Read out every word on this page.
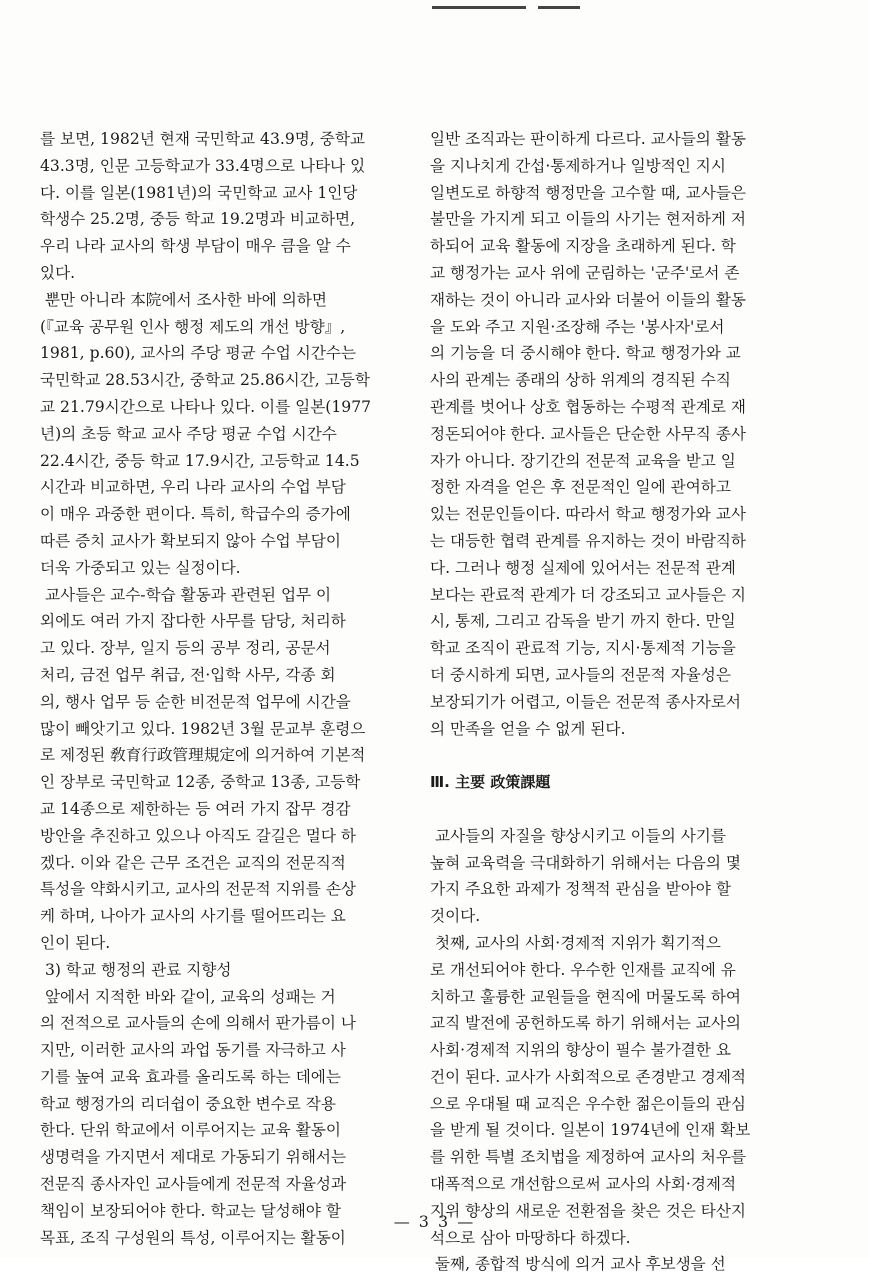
를 보면, 1982년 현재 국민학교 43.9명, 중학교
43.3명, 인문 고등학교가 33.4명으로 나타나 있
다. 이를 일본(1981년)의 국민학교 교사 1인당
학생수 25.2명, 중등 학교 19.2명과 비교하면,
우리 나라 교사의 학생 부담이 매우 큼을 알 수
있다.
뿐만 아니라 本院에서 조사한 바에 의하면
(『교육 공무원 인사 행정 제도의 개선 방향』,
1981, p.60), 교사의 주당 평균 수업 시간수는
국민학교 28.53시간, 중학교 25.86시간, 고등학
교 21.79시간으로 나타나 있다. 이를 일본(1977
년)의 초등 학교 교사 주당 평균 수업 시간수
22.4시간, 중등 학교 17.9시간, 고등학교 14.5
시간과 비교하면, 우리 나라 교사의 수업 부담
이 매우 과중한 편이다. 특히, 학급수의 증가에
따른 증치 교사가 확보되지 않아 수업 부담이
더욱 가중되고 있는 실정이다.
교사들은 교수-학습 활동과 관련된 업무 이
외에도 여러 가지 잡다한 사무를 담당, 처리하
고 있다. 장부, 일지 등의 공부 정리, 공문서
처리, 금전 업무 취급, 전·입학 사무, 각종 회
의, 행사 업무 등 순한 비전문적 업무에 시간을
많이 빼앗기고 있다. 1982년 3월 문교부 훈령으
로 제정된 敎育行政管理規定에 의거하여 기본적
인 장부로 국민학교 12종, 중학교 13종, 고등학
교 14종으로 제한하는 등 여러 가지 잡무 경감
방안을 추진하고 있으나 아직도 갈길은 멀다 하
겠다. 이와 같은 근무 조건은 교직의 전문직적
특성을 약화시키고, 교사의 전문적 지위를 손상
케 하며, 나아가 교사의 사기를 떨어뜨리는 요
인이 된다.
3) 학교 행정의 관료 지향성
앞에서 지적한 바와 같이, 교육의 성패는 거
의 전적으로 교사들의 손에 의해서 판가름이 나
지만, 이러한 교사의 과업 동기를 자극하고 사
기를 높여 교육 효과를 올리도록 하는 데에는
학교 행정가의 리더쉽이 중요한 변수로 작용
한다. 단위 학교에서 이루어지는 교육 활동이
생명력을 가지면서 제대로 가동되기 위해서는
전문직 종사자인 교사들에게 전문적 자율성과
책임이 보장되어야 한다. 학교는 달성해야 할
목표, 조직 구성원의 특성, 이루어지는 활동이
일반 조직과는 판이하게 다르다. 교사들의 활동
을 지나치게 간섭·통제하거나 일방적인 지시
일변도로 하향적 행정만을 고수할 때, 교사들은
불만을 가지게 되고 이들의 사기는 현저하게 저
하되어 교육 활동에 지장을 초래하게 된다. 학
교 행정가는 교사 위에 군림하는 '군주'로서 존
재하는 것이 아니라 교사와 더불어 이들의 활동
을 도와 주고 지원·조장해 주는 '봉사자'로서
의 기능을 더 중시해야 한다. 학교 행정가와 교
사의 관계는 종래의 상하 위계의 경직된 수직
관계를 벗어나 상호 협동하는 수평적 관계로 재
정돈되어야 한다. 교사들은 단순한 사무직 종사
자가 아니다. 장기간의 전문적 교육을 받고 일
정한 자격을 얻은 후 전문적인 일에 관여하고
있는 전문인들이다. 따라서 학교 행정가와 교사
는 대등한 협력 관계를 유지하는 것이 바람직하
다. 그러나 행정 실제에 있어서는 전문적 관계
보다는 관료적 관계가 더 강조되고 교사들은 지
시, 통제, 그리고 감독을 받기 까지 한다. 만일
학교 조직이 관료적 기능, 지시·통제적 기능을
더 중시하게 되면, 교사들의 전문적 자율성은
보장되기가 어렵고, 이들은 전문적 종사자로서
의 만족을 얻을 수 없게 된다.
Ⅲ. 主要 政策課題
교사들의 자질을 향상시키고 이들의 사기를
높혀 교육력을 극대화하기 위해서는 다음의 몇
가지 주요한 과제가 정책적 관심을 받아야 할
것이다.
첫째, 교사의 사회·경제적 지위가 획기적으
로 개선되어야 한다. 우수한 인재를 교직에 유
치하고 훌륭한 교원들을 현직에 머물도록 하여
교직 발전에 공헌하도록 하기 위해서는 교사의
사회·경제적 지위의 향상이 필수 불가결한 요
건이 된다. 교사가 사회적으로 존경받고 경제적
으로 우대될 때 교직은 우수한 젊은이들의 관심
을 받게 될 것이다. 일본이 1974년에 인재 확보
를 위한 특별 조치법을 제정하여 교사의 처우를
대폭적으로 개선함으로써 교사의 사회·경제적
지위 향상의 새로운 전환점을 찾은 것은 타산지
석으로 삼아 마땅하다 하겠다.
둘째, 종합적 방식에 의거 교사 후보생을 선
— 3 3 —
